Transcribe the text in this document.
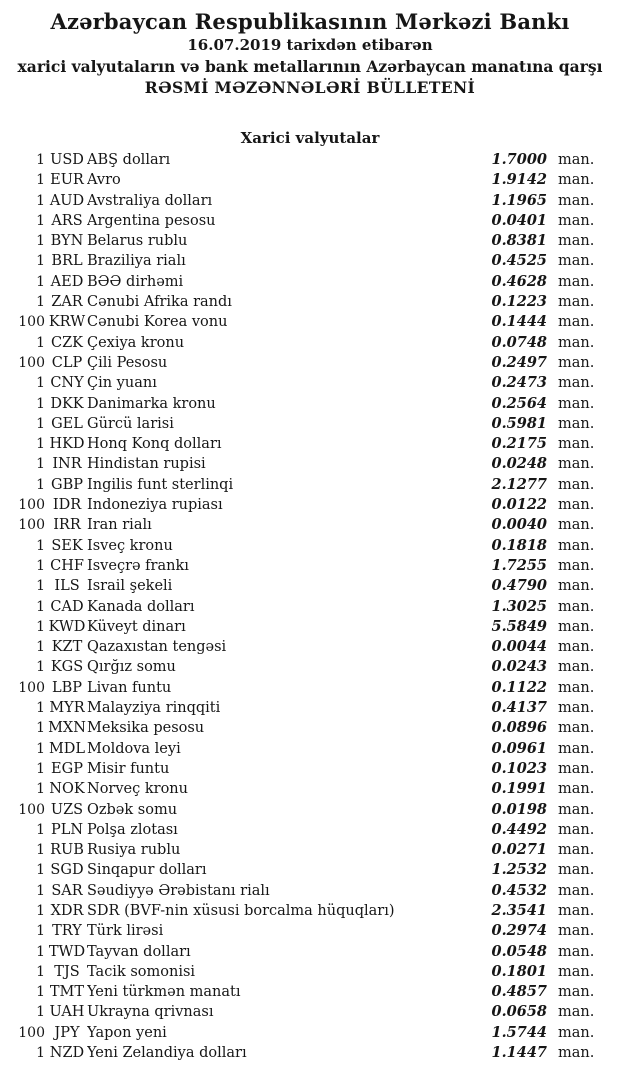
Azərbaycan Respublikasının Mərkəzi Bankı
16.07.2019 tarixdən etibarən
xarici valyutaların və bank metallarının Azərbaycan manatına qarşı
RƏSMİ MƏZƏNNƏLƏRİ BÜLLETENİ
Xarici valyutalar
1 USD ABŞ dolları	1.7000 man.
1 EUR Avro	1.9142 man.
1 AUD Avstraliya dolları	1.1965 man.
1 ARS Argentina pesosu	0.0401 man.
1 BYN Belarus rublu	0.8381 man.
1 BRL Braziliya rialı	0.4525 man.
1 AED BƏƏ dirhəmi	0.4628 man.
1 ZAR Cənubi Afrika randı	0.1223 man.
100 KRW Cənubi Korea vonu	0.1444 man.
1 CZK Çexiya kronu	0.0748 man.
100 CLP Çili Pesosu	0.2497 man.
1 CNY Çin yuanı	0.2473 man.
1 DKK Danimarka kronu	0.2564 man.
1 GEL Gürcü larisi	0.5981 man.
1 HKD Honq Konq dolları	0.2175 man.
1 INR Hindistan rupisi	0.0248 man.
1 GBP İngilis funt sterlinqi	2.1277 man.
100 IDR İndoneziya rupiası	0.0122 man.
100 IRR İran rialı	0.0040 man.
1 SEK İsveç kronu	0.1818 man.
1 CHF İsveçrə frankı	1.7255 man.
1 ILS İsrail şekeli	0.4790 man.
1 CAD Kanada dolları	1.3025 man.
1 KWD Küveyt dinarı	5.5849 man.
1 KZT Qazaxıstan tengəsi	0.0044 man.
1 KGS Qırğız somu	0.0243 man.
100 LBP Livan funtu	0.1122 man.
1 MYR Malayziya rinqqiti	0.4137 man.
1 MXN Meksika pesosu	0.0896 man.
1 MDL Moldova leyi	0.0961 man.
1 EGP Misir funtu	0.1023 man.
1 NOK Norveç kronu	0.1991 man.
100 UZS Özbək somu	0.0198 man.
1 PLN Polşa zlotası	0.4492 man.
1 RUB Rusiya rublu	0.0271 man.
1 SGD Sinqapur dolları	1.2532 man.
1 SAR Səudiyyə Ərəbistanı rialı	0.4532 man.
1 XDR SDR (BVF-nin xüsusi borcalma hüquqları)	2.3541 man.
1 TRY Türk lirəsi	0.2974 man.
1 TWD Tayvan dolları	0.0548 man.
1 TJS Tacik somonisi	0.1801 man.
1 TMT Yeni türkmən manatı	0.4857 man.
1 UAH Ukrayna qrivnası	0.0658 man.
100 JPY Yapon yeni	1.5744 man.
1 NZD Yeni Zelandiya dolları	1.1447 man.
